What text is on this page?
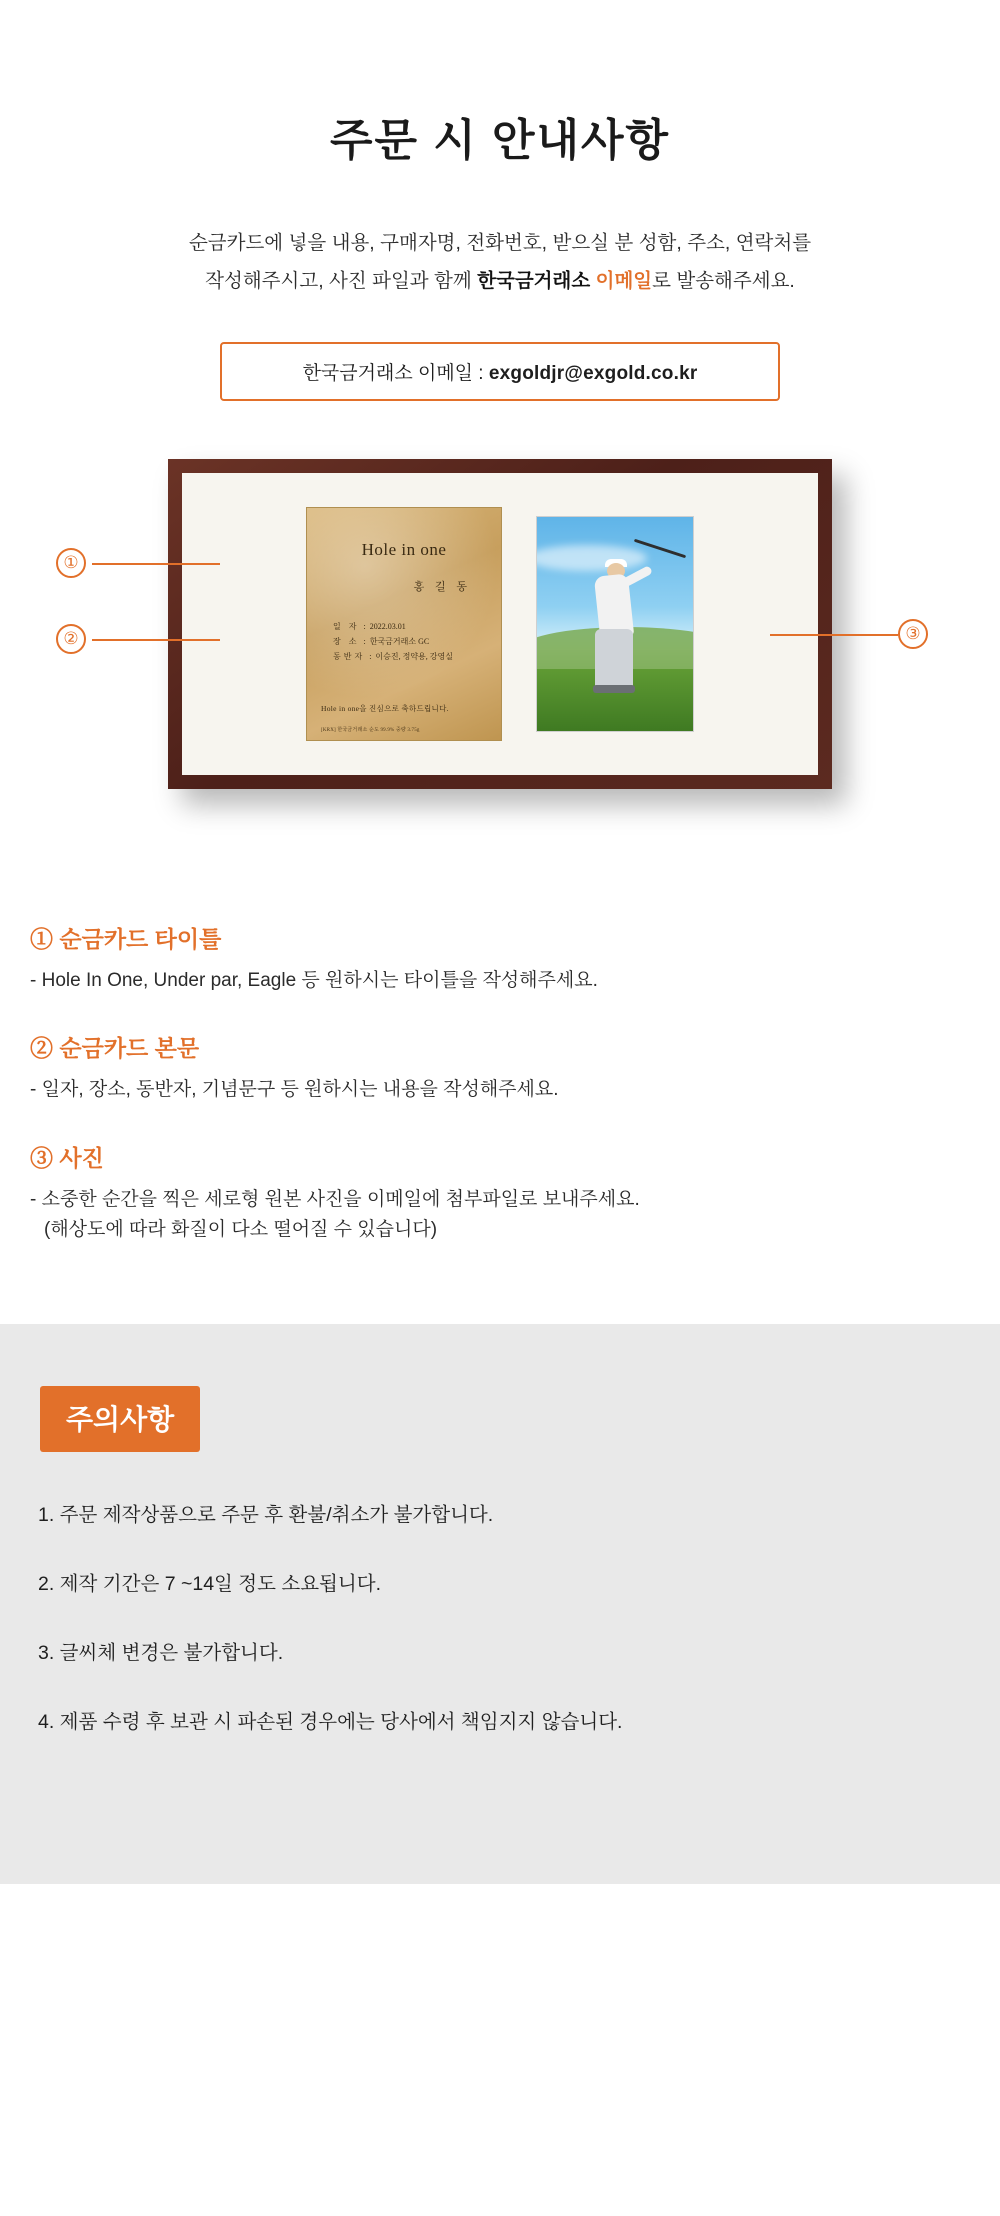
주문 시 안내사항
순금카드에 넣을 내용, 구매자명, 전화번호, 받으실 분 성함, 주소, 연락처를
작성해주시고, 사진 파일과 함께 한국금거래소 이메일로 발송해주세요.
한국금거래소 이메일 : exgoldjr@exgold.co.kr
Hole in one
홍 길 동
일 자 : 2022.03.01
장 소 : 한국금거래소 GC
동반자 : 이승진, 정약용, 강영실
Hole in one을 진심으로 축하드립니다.
[KRX] 한국금거래소 순도 99.9% 중량 3.75g
①
②	③
① 순금카드 타이틀
- Hole In One, Under par, Eagle 등 원하시는 타이틀을 작성해주세요.
② 순금카드 본문
- 일자, 장소, 동반자, 기념문구 등 원하시는 내용을 작성해주세요.
③ 사진
- 소중한 순간을 찍은 세로형 원본 사진을 이메일에 첨부파일로 보내주세요.
(해상도에 따라 화질이 다소 떨어질 수 있습니다)
주의사항
1. 주문 제작상품으로 주문 후 환불/취소가 불가합니다.
2. 제작 기간은 7 ~14일 정도 소요됩니다.
3. 글씨체 변경은 불가합니다.
4. 제품 수령 후 보관 시 파손된 경우에는 당사에서 책임지지 않습니다.
